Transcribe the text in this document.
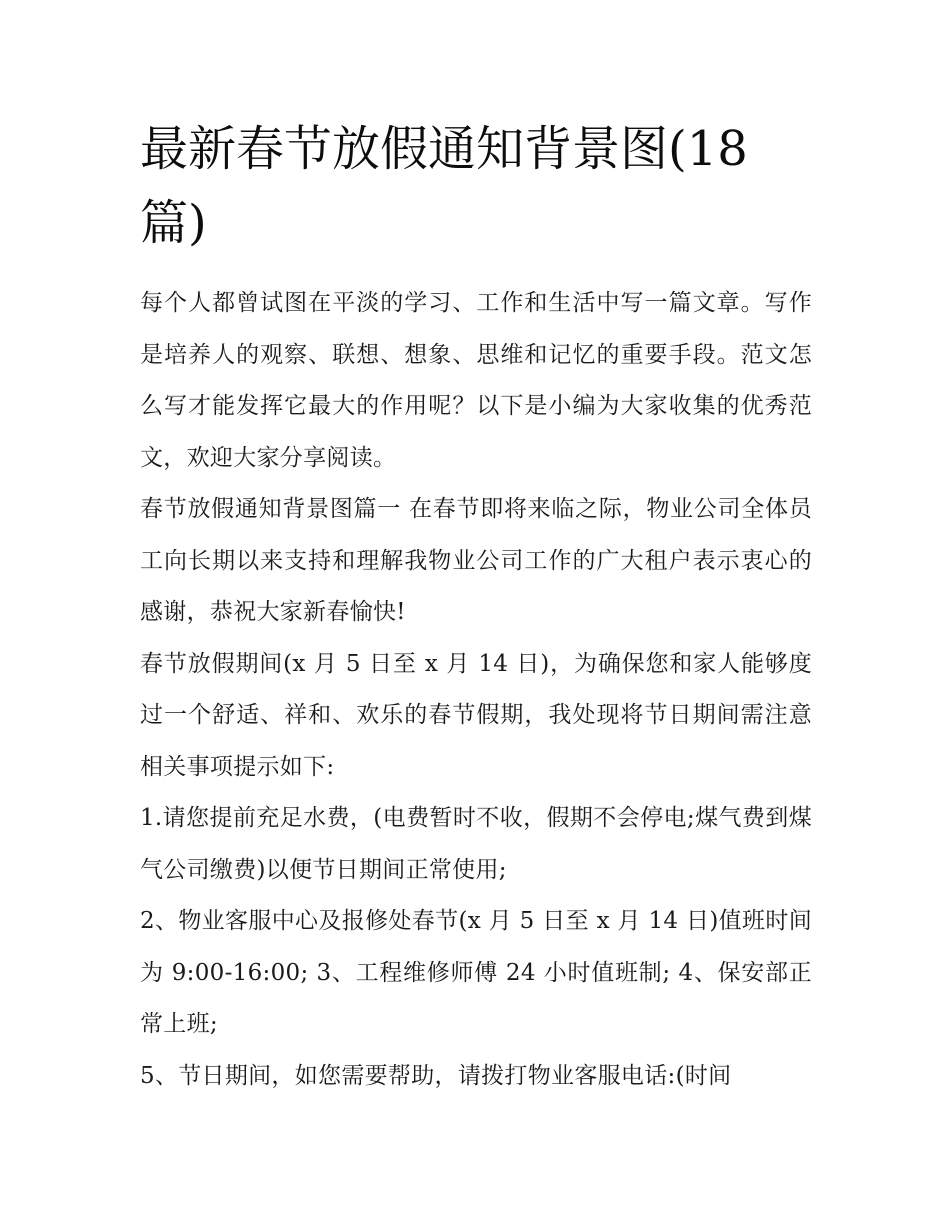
最新春节放假通知背景图(18篇)

每个人都曾试图在平淡的学习、工作和生活中写一篇文章。写作是培养人的观察、联想、想象、思维和记忆的重要手段。范文怎么写才能发挥它最大的作用呢？以下是小编为大家收集的优秀范文，欢迎大家分享阅读。

春节放假通知背景图篇一 在春节即将来临之际，物业公司全体员工向长期以来支持和理解我物业公司工作的广大租户表示衷心的感谢，恭祝大家新春愉快!

春节放假期间(x 月 5 日至 x 月 14 日)，为确保您和家人能够度过一个舒适、祥和、欢乐的春节假期，我处现将节日期间需注意相关事项提示如下:

1.请您提前充足水费，(电费暂时不收，假期不会停电;煤气费到煤气公司缴费)以便节日期间正常使用;

2、物业客服中心及报修处春节(x 月 5 日至 x 月 14 日)值班时间为 9:00-16:00; 3、工程维修师傅 24 小时值班制; 4、保安部正常上班;

5、节日期间，如您需要帮助，请拨打物业客服电话:(时间
